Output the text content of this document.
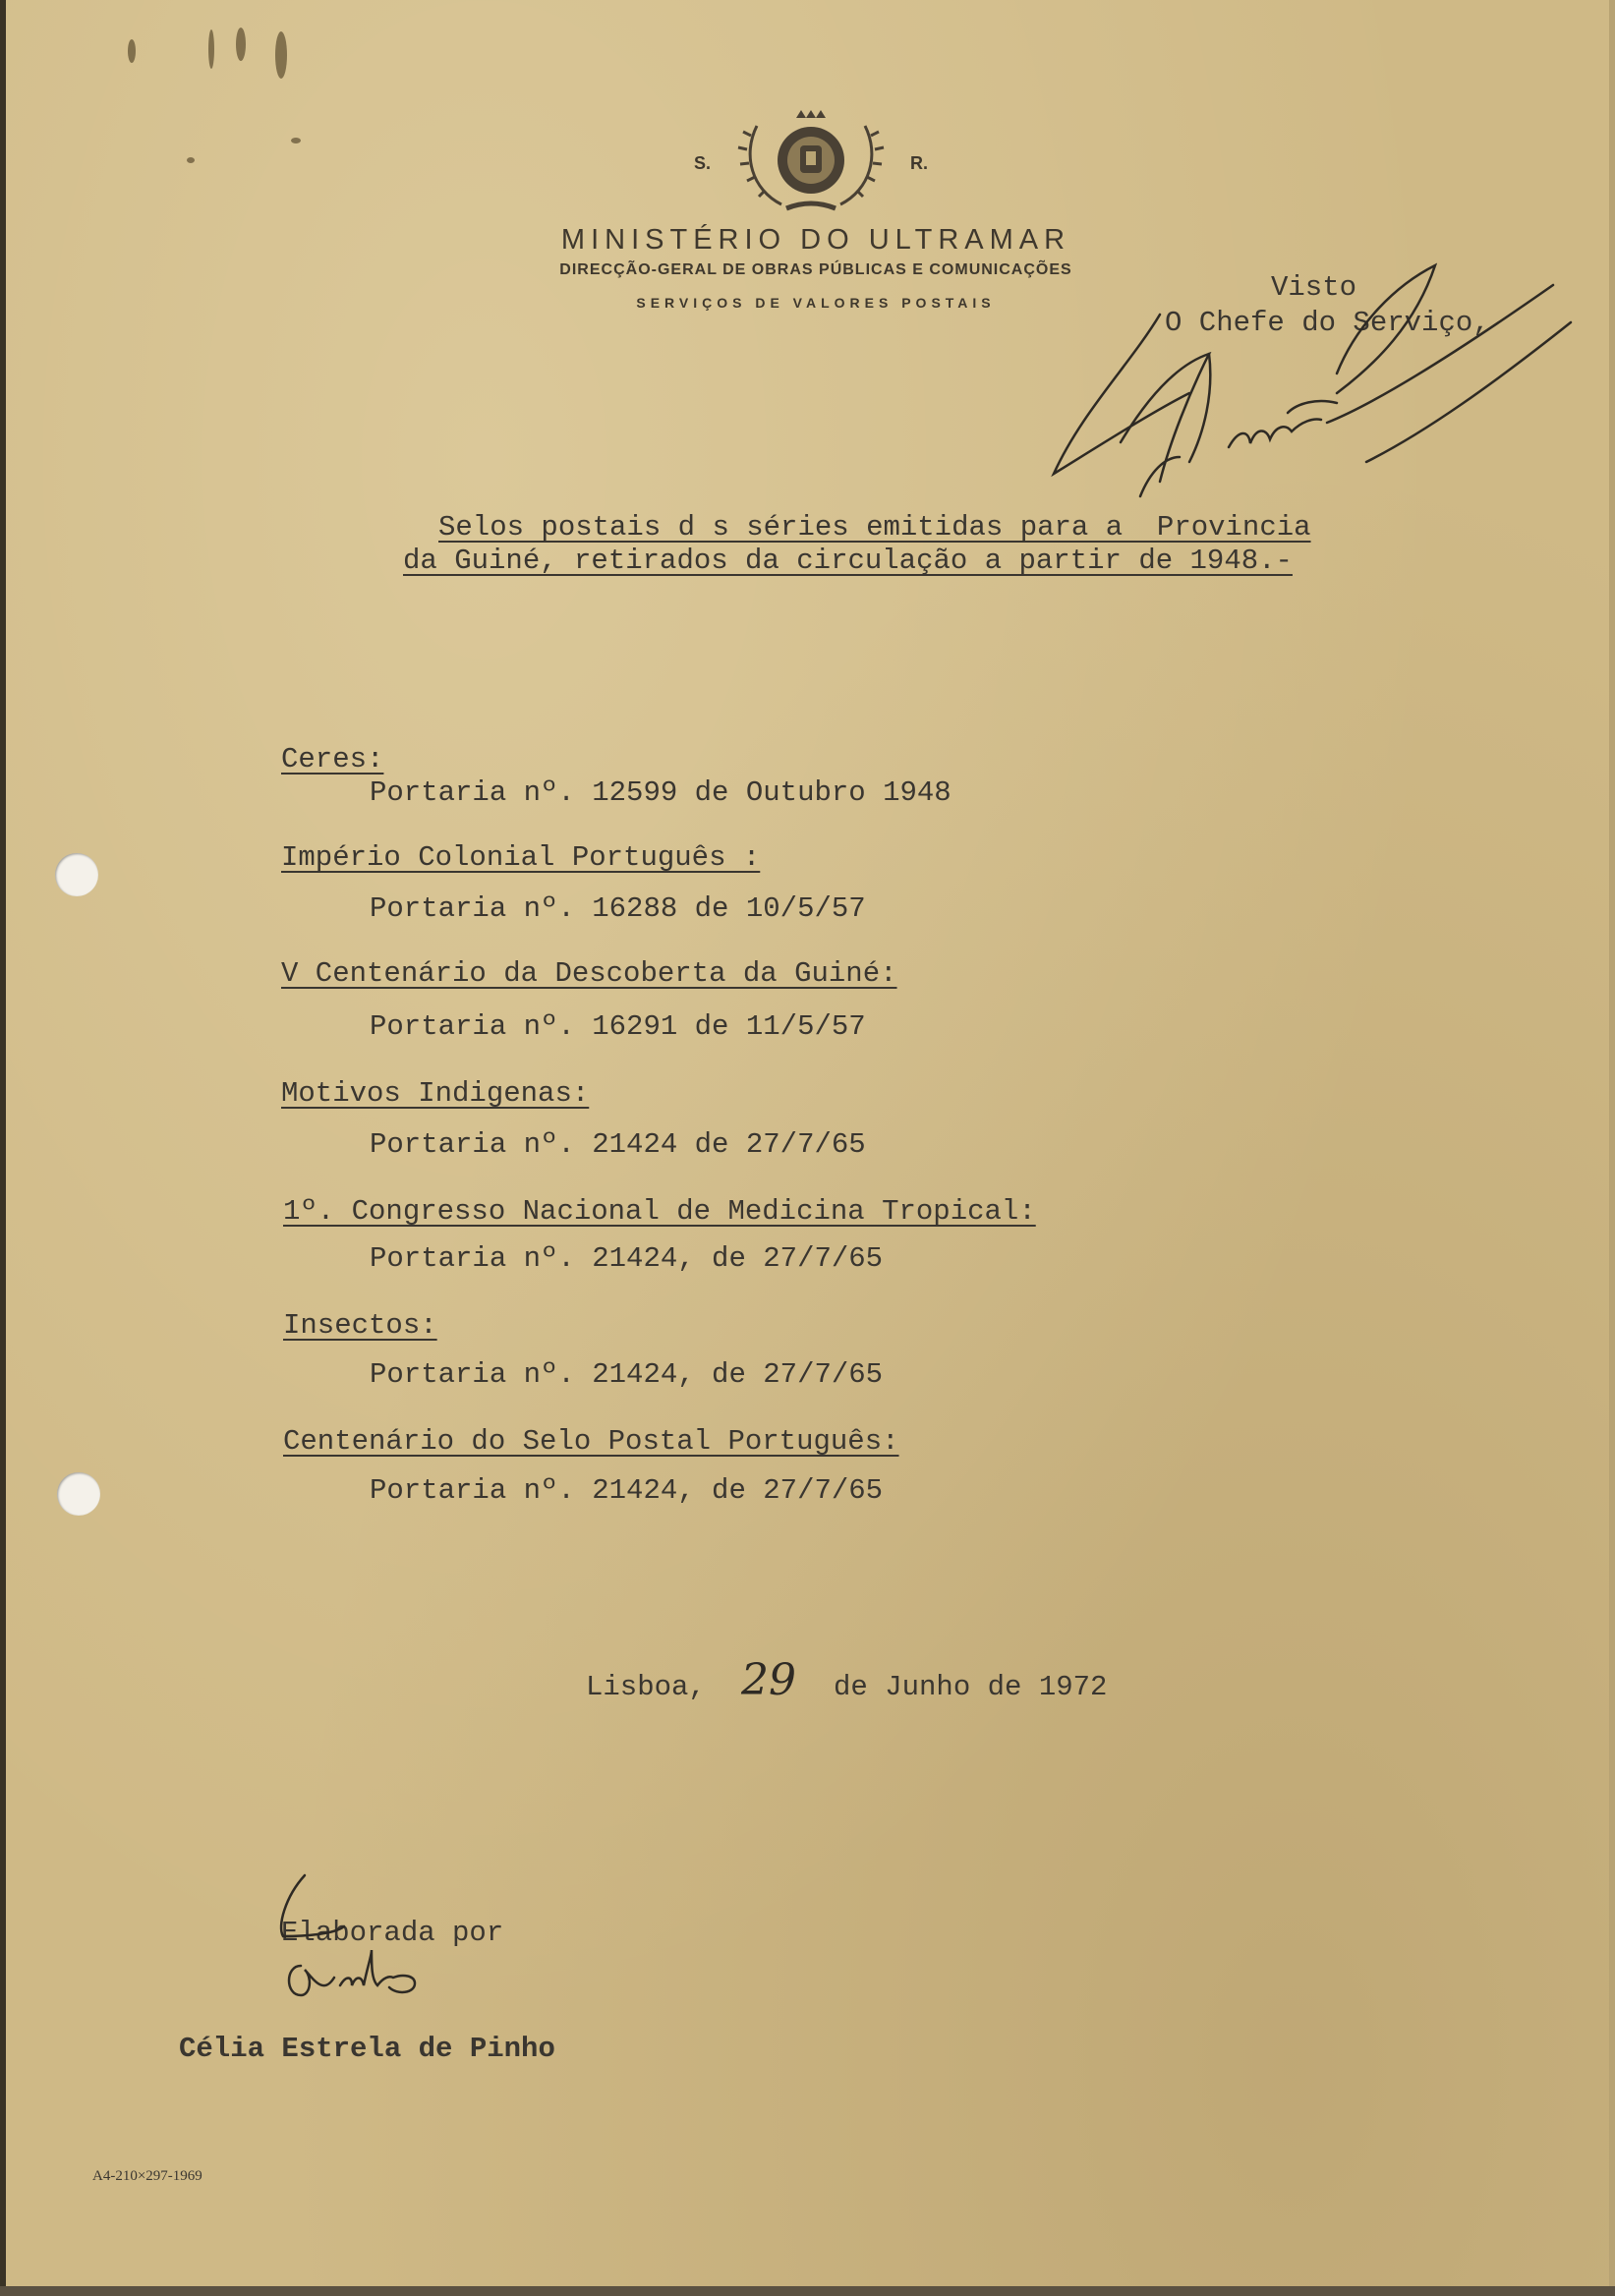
S.	R.
MINISTÉRIO DO ULTRAMAR
DIRECÇÃO-GERAL DE OBRAS PÚBLICAS E COMUNICAÇÕES
SERVIÇOS DE VALORES POSTAIS	Visto
O Chefe do Serviço,
Selos postais d s séries emitidas para a  Provincia
da Guiné, retirados da circulação a partir de 1948.-
Ceres:
Portaria nº. 12599 de Outubro 1948
Império Colonial Português :
Portaria nº. 16288 de 10/5/57
V Centenário da Descoberta da Guiné:
Portaria nº. 16291 de 11/5/57
Motivos Indigenas:
Portaria nº. 21424 de 27/7/65
1º. Congresso Nacional de Medicina Tropical:
Portaria nº. 21424, de 27/7/65
Insectos:
Portaria nº. 21424, de 27/7/65
Centenário do Selo Postal Português:
Portaria nº. 21424, de 27/7/65
Lisboa, 29 de Junho de 1972
Elaborada por
Célia Estrela de Pinho
A4-210×297-1969
